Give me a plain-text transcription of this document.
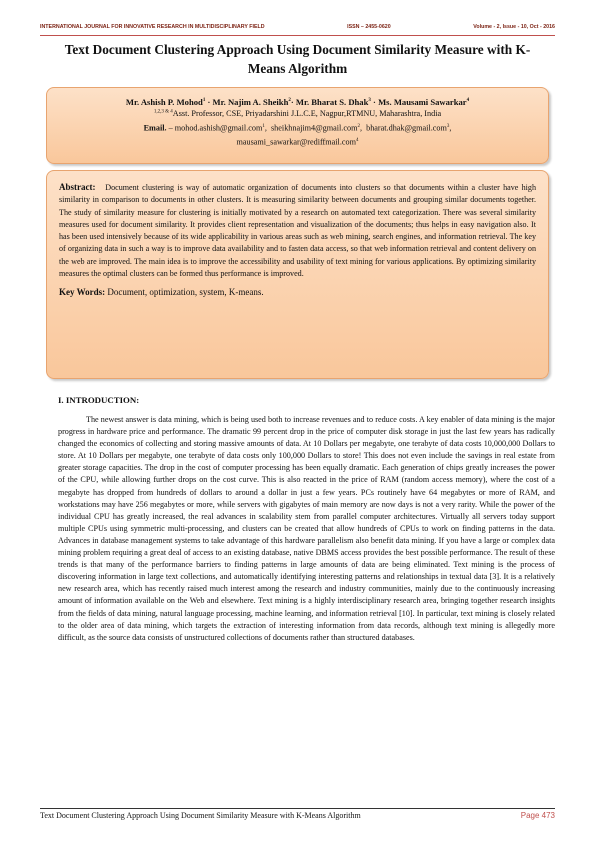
INTERNATIONAL JOURNAL FOR INNOVATIVE RESEARCH IN MULTIDISCIPLINARY FIELD	ISSN – 2455-0620	Volume - 2, Issue - 10, Oct - 2016
Text Document Clustering Approach Using Document Similarity Measure with K-Means Algorithm
Mr. Ashish P. Mohod$^1$ · Mr. Najim A. Sheikh$^2$· Mr. Bharat S. Dhak$^3$ · Ms. Mausami Sawarkar$^4$
$^{1,2,3 \& 4}$Asst. Professor, CSE, Priyadarshini J.L.C.E, Nagpur,RTMNU, Maharashtra, India
Email. – mohod.ashish@gmail.com$^1$,  sheikhnajim4@gmail.com$^2$,  bharat.dhak@gmail.com$^3$,
mausami_sawarkar@rediffmail.com$^4$
Abstract: Document clustering is way of automatic organization of documents into clusters so that documents within a cluster have high similarity in comparison to documents in other clusters. It is measuring similarity between documents and grouping similar documents together. The study of similarity measure for clustering is initially motivated by a research on automated text categorization. There was several similarity measures used for document similarity. It provides client representation and visualization of the documents; thus helps in easy navigation also. It has been used intensively because of its wide applicability in various areas such as web mining, search engines, and information retrieval. The key of organizing data in such a way is to improve data availability and to fasten data access, so that web information retrieval and content delivery on the web are improved. The main idea is to improve the accessibility and usability of text mining for various applications. By optimizing similarity measures the optimal clusters can be formed thus performance is improved.
Key Words: Document, optimization, system, K-means.
I. INTRODUCTION:
The newest answer is data mining, which is being used both to increase revenues and to reduce costs. A key enabler of data mining is the major progress in hardware price and performance. The dramatic 99 percent drop in the price of computer disk storage in just the last few years has radically changed the economics of collecting and storing massive amounts of data. At 10 Dollars per megabyte, one terabyte of data costs 10,000,000 Dollars to store. At 10 Dollars per megabyte, one terabyte of data costs only 100,000 Dollars to store! This does not even include the savings in real estate from greater storage capacities. The drop in the cost of computer processing has been equally dramatic. Each generation of chips greatly increases the power of the CPU, while allowing further drops on the cost curve. This is also reacted in the price of RAM (random access memory), where the cost of a megabyte has dropped from hundreds of dollars to around a dollar in just a few years. PCs routinely have 64 megabytes or more of RAM, and workstations may have 256 megabytes or more, while servers with gigabytes of main memory are now days is not a very rarity. While the power of the individual CPU has greatly increased, the real advances in scalability stem from parallel computer architectures. Virtually all servers today support multiple CPUs using symmetric multi-processing, and clusters can be created that allow hundreds of CPUs to work on finding patterns in the data. Advances in database management systems to take advantage of this hardware parallelism also benefit data mining. If you have a large or complex data mining problem requiring a great deal of access to an existing database, native DBMS access provides the best possible performance. The result of these trends is that many of the performance barriers to finding patterns in large amounts of data are being eliminated. Text mining is the process of discovering information in large text collections, and automatically identifying interesting patterns and relationships in textual data [3]. It is a relatively new research area, which has recently raised much interest among the research and industry communities, mainly due to the continuously increasing amount of information available on the Web and elsewhere. Text mining is a highly interdisciplinary research area, bringing together research insights from the fields of data mining, natural language processing, machine learning, and information retrieval [10]. In particular, text mining is closely related to the older area of data mining, which targets the extraction of interesting information from data records, although text mining is allegedly more difficult, as the source data consists of unstructured collections of documents rather than structured databases.
Text Document Clustering Approach Using Document Similarity Measure with K-Means Algorithm	Page 473
